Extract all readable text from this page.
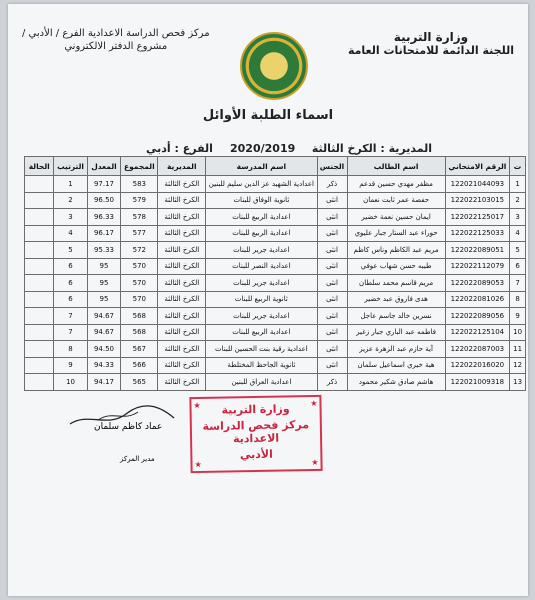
وزارة التربية
اللجنة الدائمة للامتحانات العامة
مركز فحص الدراسة الاعدادية الفرع / الأدبي /
مشروع الدفتر الالكتروني
اسماء الطلبة الأوائل
المديرية : الكرخ الثالثة
2020/2019
الفرع : أدبي
ت	الرقم الامتحاني	اسم الطالب	الجنس	اسم المدرسة	المديرية	المجموع	المعدل	الترتيب	الحالة
1	122021044093	مظفر مهدي حسين قدعم	ذكر	اعدادية الشهيد عز الدين سليم للبنين	الكرخ الثالثة	583	97.17	1	
2	122022103015	حفصة عمر ثابت نعمان	انثى	ثانوية الوفاق للبنات	الكرخ الثالثة	579	96.50	2	
3	122022125017	ايمان حسين نعمة خضير	انثى	اعدادية الربيع للبنات	الكرخ الثالثة	578	96.33	3	
4	122022125033	حوراء عبد الستار جبار عليوي	انثى	اعدادية الربيع للبنات	الكرخ الثالثة	577	96.17	4	
5	122022089051	مريم عبد الكاظم وناس كاظم	انثى	اعدادية جرير للبنات	الكرخ الثالثة	572	95.33	5	
6	122022112079	طيبه حسن شهاب عوفي	انثى	اعدادية النصر للبنات	الكرخ الثالثة	570	95	6	
7	122022089053	مريم قاسم محمد سلطان	انثى	اعدادية جرير للبنات	الكرخ الثالثة	570	95	6	
8	122022081026	هدى فاروق عبد خضير	انثى	ثانوية الربيع للبنات	الكرخ الثالثة	570	95	6	
9	122022089056	نسرين خالد جاسم عاجل	انثى	اعدادية جرير للبنات	الكرخ الثالثة	568	94.67	7	
10	122022125104	فاطمه عبد الباري جبار زغير	انثى	اعدادية الربيع للبنات	الكرخ الثالثة	568	94.67	7	
11	122022087003	آية حازم عبد الزهرة عزيز	انثى	اعدادية رقية بنت الحسين للبنات	الكرخ الثالثة	567	94.50	8	
12	122022016020	هبة خيري اسماعيل سلمان	انثى	ثانوية الجاحظ المختلطة	الكرخ الثالثة	566	94.33	9	
13	122021009318	هاشم صادق شكير محمود	ذكر	اعدادية العراق للبنين	الكرخ الثالثة	565	94.17	10	
عماد كاظم سلمان
مدير المركز
وزارة التربية
مركز فحص الدراسة الاعدادية
الأدبي
★	★
★	★
